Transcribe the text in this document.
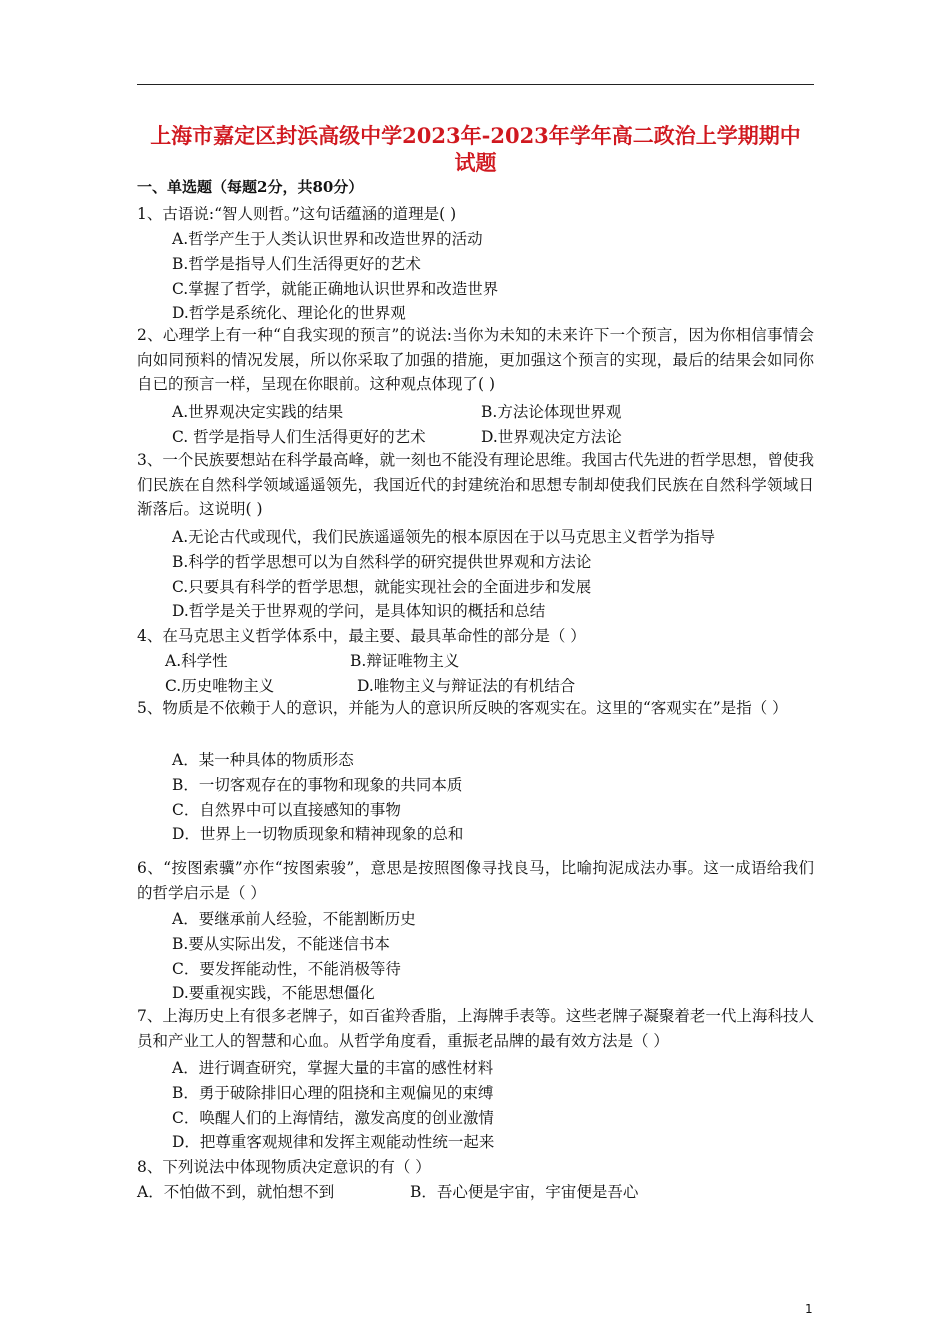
上海市嘉定区封浜高级中学2023年-2023年学年高二政治上学期期中
试题
一、单选题（每题2分，共80分）
1、古语说:“智人则哲。”这句话蕴涵的道理是( )
A.哲学产生于人类认识世界和改造世界的活动
B.哲学是指导人们生活得更好的艺术
C.掌握了哲学，就能正确地认识世界和改造世界
D.哲学是系统化、理论化的世界观
2、心理学上有一种“自我实现的预言”的说法:当你为未知的未来许下一个预言，因为你相信事情会向如同预料的情况发展，所以你采取了加强的措施，更加强这个预言的实现，最后的结果会如同你自已的预言一样，呈现在你眼前。这种观点体现了( )
A.世界观决定实践的结果	B.方法论体现世界观
C. 哲学是指导人们生活得更好的艺术	D.世界观决定方法论
3、一个民族要想站在科学最高峰，就一刻也不能没有理论思维。我国古代先进的哲学思想，曾使我们民族在自然科学领域遥遥领先，我国近代的封建统治和思想专制却使我们民族在自然科学领域日渐落后。这说明( )
A.无论古代或现代，我们民族遥遥领先的根本原因在于以马克思主义哲学为指导
B.科学的哲学思想可以为自然科学的研究提供世界观和方法论
C.只要具有科学的哲学思想，就能实现社会的全面进步和发展
D.哲学是关于世界观的学问，是具体知识的概括和总结
4、在马克思主义哲学体系中，最主要、最具革命性的部分是（ ）
A.科学性	B.辩证唯物主义
C.历史唯物主义	D.唯物主义与辩证法的有机结合
5、物质是不依赖于人的意识，并能为人的意识所反映的客观实在。这里的“客观实在”是指（ ）
A．某一种具体的物质形态
B．一切客观存在的事物和现象的共同本质
C．自然界中可以直接感知的事物
D．世界上一切物质现象和精神现象的总和
6、“按图索骥”亦作“按图索骏”，意思是按照图像寻找良马，比喻拘泥成法办事。这一成语给我们的哲学启示是（ ）
A．要继承前人经验，不能割断历史
B.要从实际出发，不能迷信书本
C．要发挥能动性，不能消极等待
D.要重视实践，不能思想僵化
7、上海历史上有很多老牌子，如百雀羚香脂，上海牌手表等。这些老牌子凝聚着老一代上海科技人员和产业工人的智慧和心血。从哲学角度看，重振老品牌的最有效方法是（ ）
A．进行调查研究，掌握大量的丰富的感性材料
B．勇于破除排旧心理的阻挠和主观偏见的束缚
C．唤醒人们的上海情结，激发高度的创业激情
D．把尊重客观规律和发挥主观能动性统一起来
8、下列说法中体现物质决定意识的有（ ）
A．不怕做不到，就怕想不到	B．吾心便是宇宙，宇宙便是吾心
1
